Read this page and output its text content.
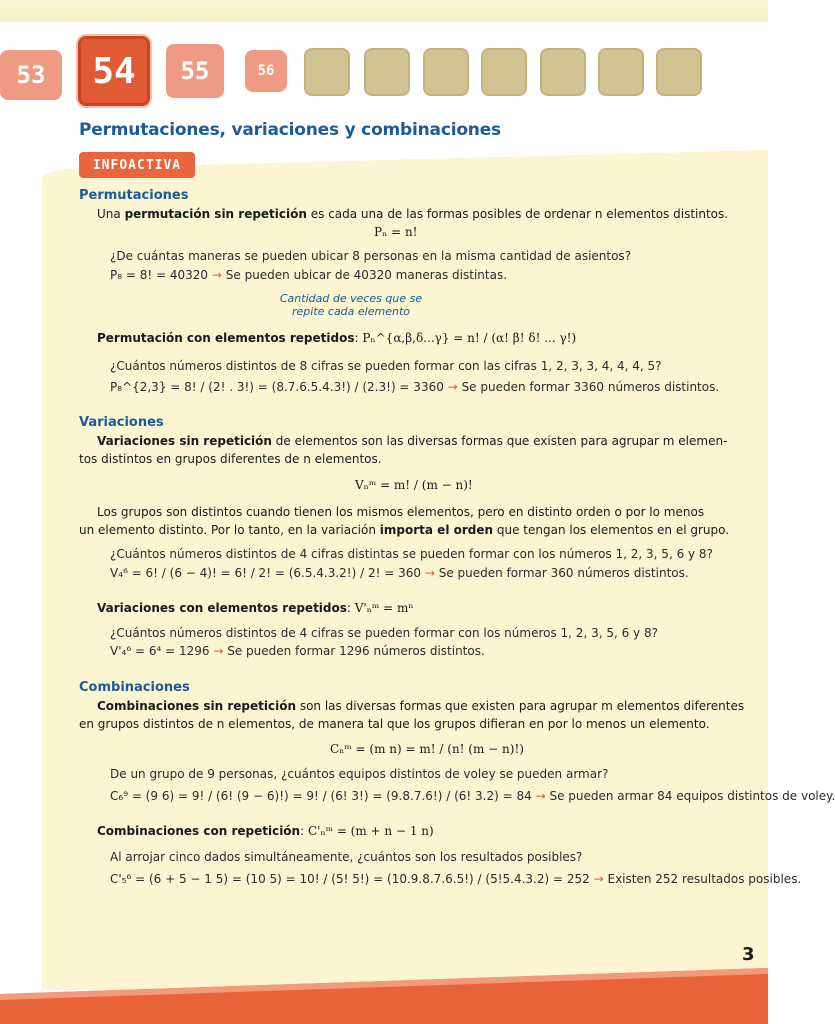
53	54	55	56
Permutaciones, variaciones y combinaciones
INFOACTIVA
Permutaciones
Una permutación sin repetición es cada una de las formas posibles de ordenar n elementos distintos.
Pₙ = n!
¿De cuántas maneras se pueden ubicar 8 personas en la misma cantidad de asientos?
P₈ = 8! = 40320 → Se pueden ubicar de 40320 maneras distintas.
Cantidad de veces que se repite cada elemento
Permutación con elementos repetidos: Pₙ^{α,β,δ...γ} = n! / (α! β! δ! ... γ!)
¿Cuántos números distintos de 8 cifras se pueden formar con las cifras 1, 2, 3, 3, 4, 4, 4, 5?
P₈^{2,3} = 8! / (2! . 3!) = (8.7.6.5.4.3!) / (2.3!) = 3360 → Se pueden formar 3360 números distintos.
Variaciones
Variaciones sin repetición de elementos son las diversas formas que existen para agrupar m elemen-
tos distintos en grupos diferentes de n elementos.
Vₙᵐ = m! / (m − n)!
Los grupos son distintos cuando tienen los mismos elementos, pero en distinto orden o por lo menos
un elemento distinto. Por lo tanto, en la variación importa el orden que tengan los elementos en el grupo.
¿Cuántos números distintos de 4 cifras distintas se pueden formar con los números 1, 2, 3, 5, 6 y 8?
V₄⁶ = 6! / (6 − 4)! = 6! / 2! = (6.5.4.3.2!) / 2! = 360 → Se pueden formar 360 números distintos.
Variaciones con elementos repetidos: V'ₙᵐ = mⁿ
¿Cuántos números distintos de 4 cifras se pueden formar con los números 1, 2, 3, 5, 6 y 8?
V'₄⁶ = 6⁴ = 1296 → Se pueden formar 1296 números distintos.
Combinaciones
Combinaciones sin repetición son las diversas formas que existen para agrupar m elementos diferentes
en grupos distintos de n elementos, de manera tal que los grupos difieran en por lo menos un elemento.
Cₙᵐ = (m n) = m! / (n! (m − n)!)
De un grupo de 9 personas, ¿cuántos equipos distintos de voley se pueden armar?
C₆⁹ = (9 6) = 9! / (6! (9 − 6)!) = 9! / (6! 3!) = (9.8.7.6!) / (6! 3.2) = 84 → Se pueden armar 84 equipos distintos de voley.
Combinaciones con repetición: C'ₙᵐ = (m + n − 1 n)
Al arrojar cinco dados simultáneamente, ¿cuántos son los resultados posibles?
C'₅⁶ = (6 + 5 − 1 5) = (10 5) = 10! / (5! 5!) = (10.9.8.7.6.5!) / (5!5.4.3.2) = 252 → Existen 252 resultados posibles.
3
